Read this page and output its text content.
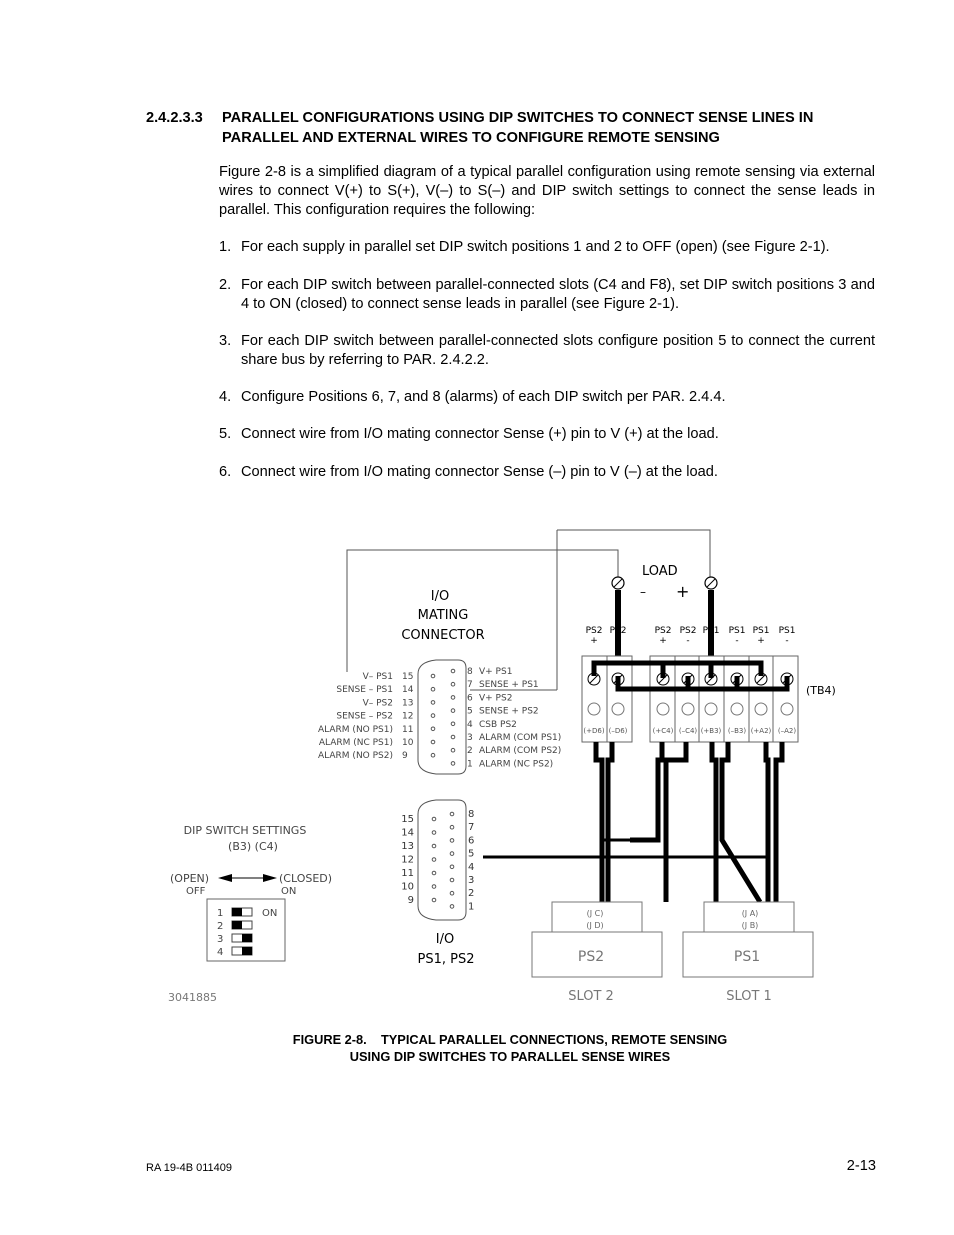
2.4.2.3.3 PARALLEL CONFIGURATIONS USING DIP SWITCHES TO CONNECT SENSE LINES IN
PARALLEL AND EXTERNAL WIRES TO CONFIGURE REMOTE SENSING
Figure 2-8 is a simplified diagram of a typical parallel configuration using remote sensing via external wires to connect V(+) to S(+), V(–) to S(–) and DIP switch settings to connect the sense leads in parallel. This configuration requires the following:
1. For each supply in parallel set DIP switch positions 1 and 2 to OFF (open) (see Figure 2-1).
2. For each DIP switch between parallel-connected slots (C4 and F8), set DIP switch positions 3 and 4 to ON (closed) to connect sense leads in parallel (see Figure 2-1).
3. For each DIP switch between parallel-connected slots configure position 5 to connect the current share bus by referring to PAR. 2.4.2.2.
4. Configure Positions 6, 7, and 8 (alarms) of each DIP switch per PAR. 2.4.4.
5. Connect wire from I/O mating connector Sense (+) pin to V (+) at the load.
6. Connect wire from I/O mating connector Sense (–) pin to V (–) at the load.
LOAD
– +
I/O
MATING
CONNECTOR
V– PS1 15
SENSE – PS1 14
V– PS2 13
SENSE – PS2 12
ALARM (NO PS1) 11
ALARM (NC PS1) 10
ALARM (NO PS2) 9
8 V+ PS1
7 SENSE + PS1
6 V+ PS2
5 SENSE + PS2
4 CSB PS2
3 ALARM (COM PS1)
2 ALARM (COM PS2)
1 ALARM (NC PS2)
PS2
+
PS2
-
PS2
+
PS2
-
PS1
+
PS1
-
PS1
+
PS1
-
(+D6) (–D6)	(+C4) (–C4) (+B3) (–B3) (+A2) (–A2)
(TB4)
15
14
13
12
11
10
9
8
7
6
5
4
3
2
1
I/O
PS1, PS2
DIP SWITCH SETTINGS
(B3) (C4)
(OPEN)
OFF
(CLOSED)
ON
1
2
3
4
ON	(J C)
(J D)
PS2
SLOT 2
(J A)
(J B)
PS1
SLOT 1
3041885
FIGURE 2-8.    TYPICAL PARALLEL CONNECTIONS, REMOTE SENSING
USING DIP SWITCHES TO PARALLEL SENSE WIRES
RA 19-4B 011409	2-13
